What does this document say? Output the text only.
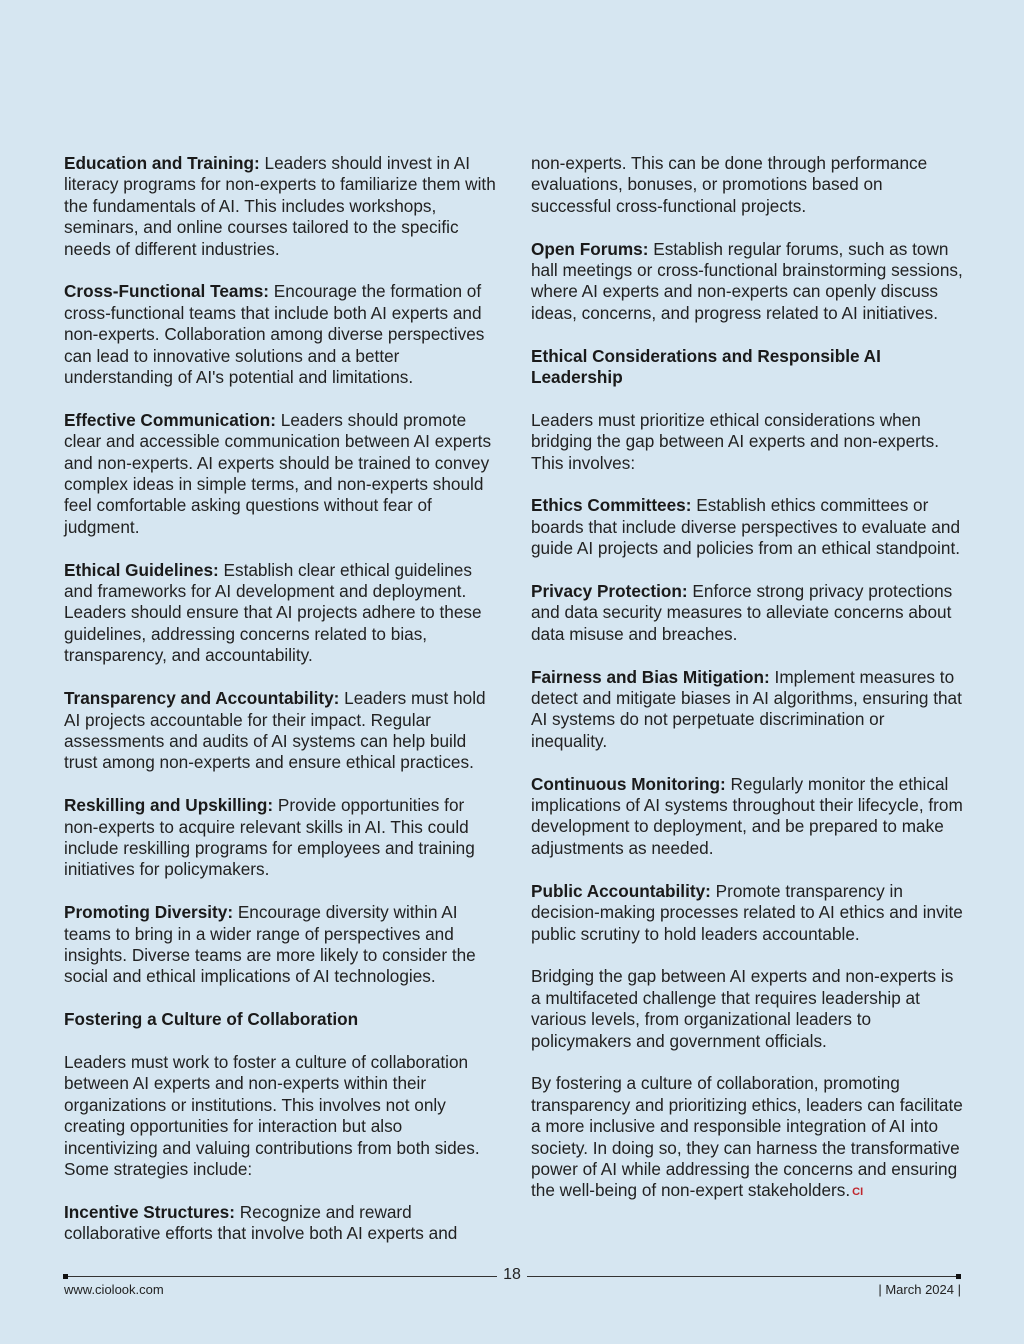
Education and Training: Leaders should invest in AI literacy programs for non-experts to familiarize them with the fundamentals of AI. This includes workshops, seminars, and online courses tailored to the specific needs of different industries.

Cross-Functional Teams: Encourage the formation of cross-functional teams that include both AI experts and non-experts. Collaboration among diverse perspectives can lead to innovative solutions and a better understanding of AI's potential and limitations.

Effective Communication: Leaders should promote clear and accessible communication between AI experts and non-experts. AI experts should be trained to convey complex ideas in simple terms, and non-experts should feel comfortable asking questions without fear of judgment.

Ethical Guidelines: Establish clear ethical guidelines and frameworks for AI development and deployment. Leaders should ensure that AI projects adhere to these guidelines, addressing concerns related to bias, transparency, and accountability.

Transparency and Accountability: Leaders must hold AI projects accountable for their impact. Regular assessments and audits of AI systems can help build trust among non-experts and ensure ethical practices.

Reskilling and Upskilling: Provide opportunities for non-experts to acquire relevant skills in AI. This could include reskilling programs for employees and training initiatives for policymakers.

Promoting Diversity: Encourage diversity within AI teams to bring in a wider range of perspectives and insights. Diverse teams are more likely to consider the social and ethical implications of AI technologies.

Fostering a Culture of Collaboration

Leaders must work to foster a culture of collaboration between AI experts and non-experts within their organizations or institutions. This involves not only creating opportunities for interaction but also incentivizing and valuing contributions from both sides. Some strategies include:

Incentive Structures: Recognize and reward collaborative efforts that involve both AI experts and

non-experts. This can be done through performance evaluations, bonuses, or promotions based on successful cross-functional projects.

Open Forums: Establish regular forums, such as town hall meetings or cross-functional brainstorming sessions, where AI experts and non-experts can openly discuss ideas, concerns, and progress related to AI initiatives.

Ethical Considerations and Responsible AI Leadership

Leaders must prioritize ethical considerations when bridging the gap between AI experts and non-experts. This involves:

Ethics Committees: Establish ethics committees or boards that include diverse perspectives to evaluate and guide AI projects and policies from an ethical standpoint.

Privacy Protection: Enforce strong privacy protections and data security measures to alleviate concerns about data misuse and breaches.

Fairness and Bias Mitigation: Implement measures to detect and mitigate biases in AI algorithms, ensuring that AI systems do not perpetuate discrimination or inequality.

Continuous Monitoring: Regularly monitor the ethical implications of AI systems throughout their lifecycle, from development to deployment, and be prepared to make adjustments as needed.

Public Accountability: Promote transparency in decision-making processes related to AI ethics and invite public scrutiny to hold leaders accountable.

Bridging the gap between AI experts and non-experts is a multifaceted challenge that requires leadership at various levels, from organizational leaders to policymakers and government officials.

By fostering a culture of collaboration, promoting transparency and prioritizing ethics, leaders can facilitate a more inclusive and responsible integration of AI into society. In doing so, they can harness the transformative power of AI while addressing the concerns and ensuring the well-being of non-expert stakeholders. CI

18
www.ciolook.com	| March 2024 |
